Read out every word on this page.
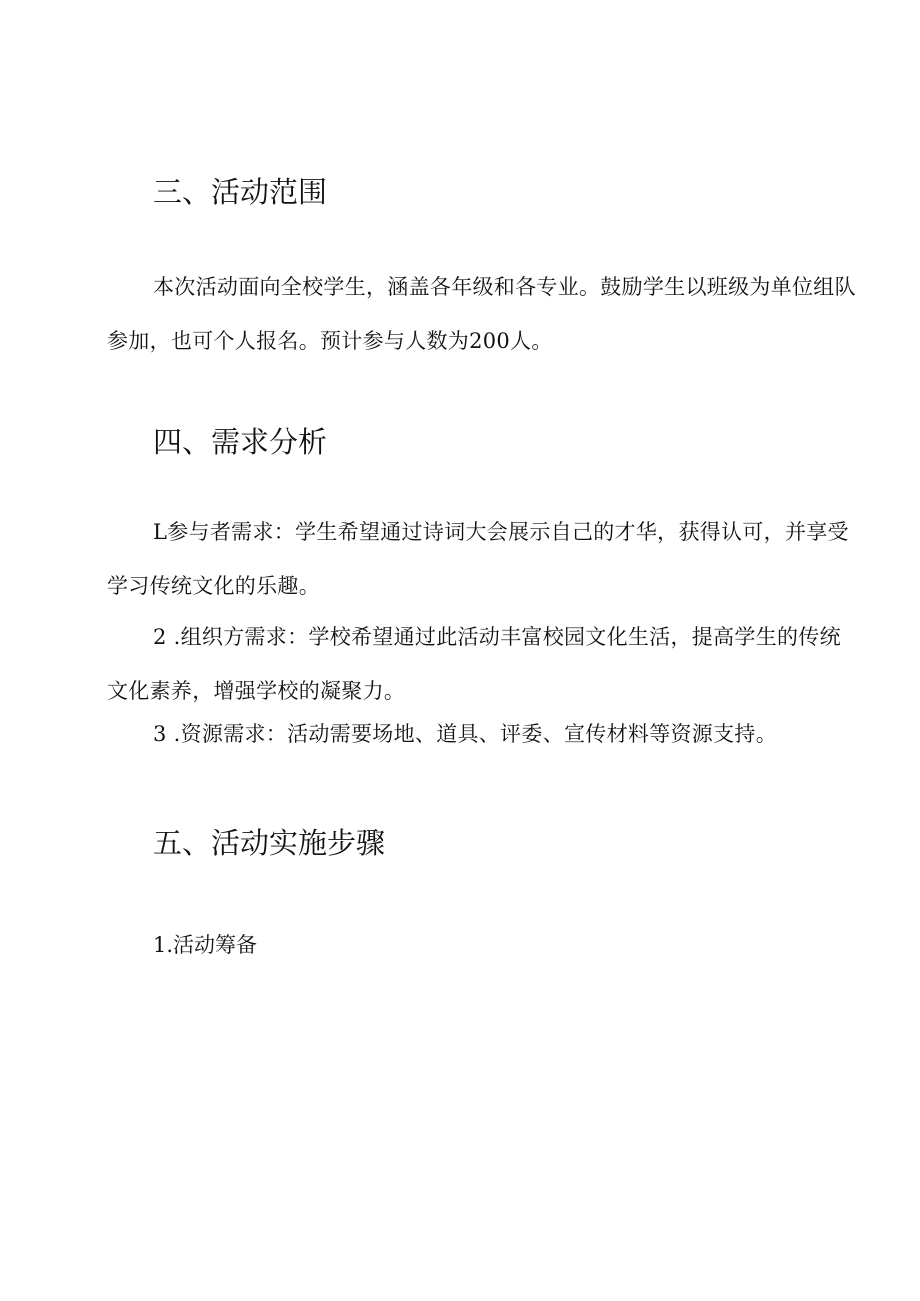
三、活动范围
本次活动面向全校学生，涵盖各年级和各专业。鼓励学生以班级为单位组队
参加，也可个人报名。预计参与人数为200人。
四、需求分析
L参与者需求：学生希望通过诗词大会展示自己的才华，获得认可，并享受
学习传统文化的乐趣。
2 .组织方需求：学校希望通过此活动丰富校园文化生活，提高学生的传统
文化素养，增强学校的凝聚力。
3 .资源需求：活动需要场地、道具、评委、宣传材料等资源支持。
五、活动实施步骤

1.活动筹备
